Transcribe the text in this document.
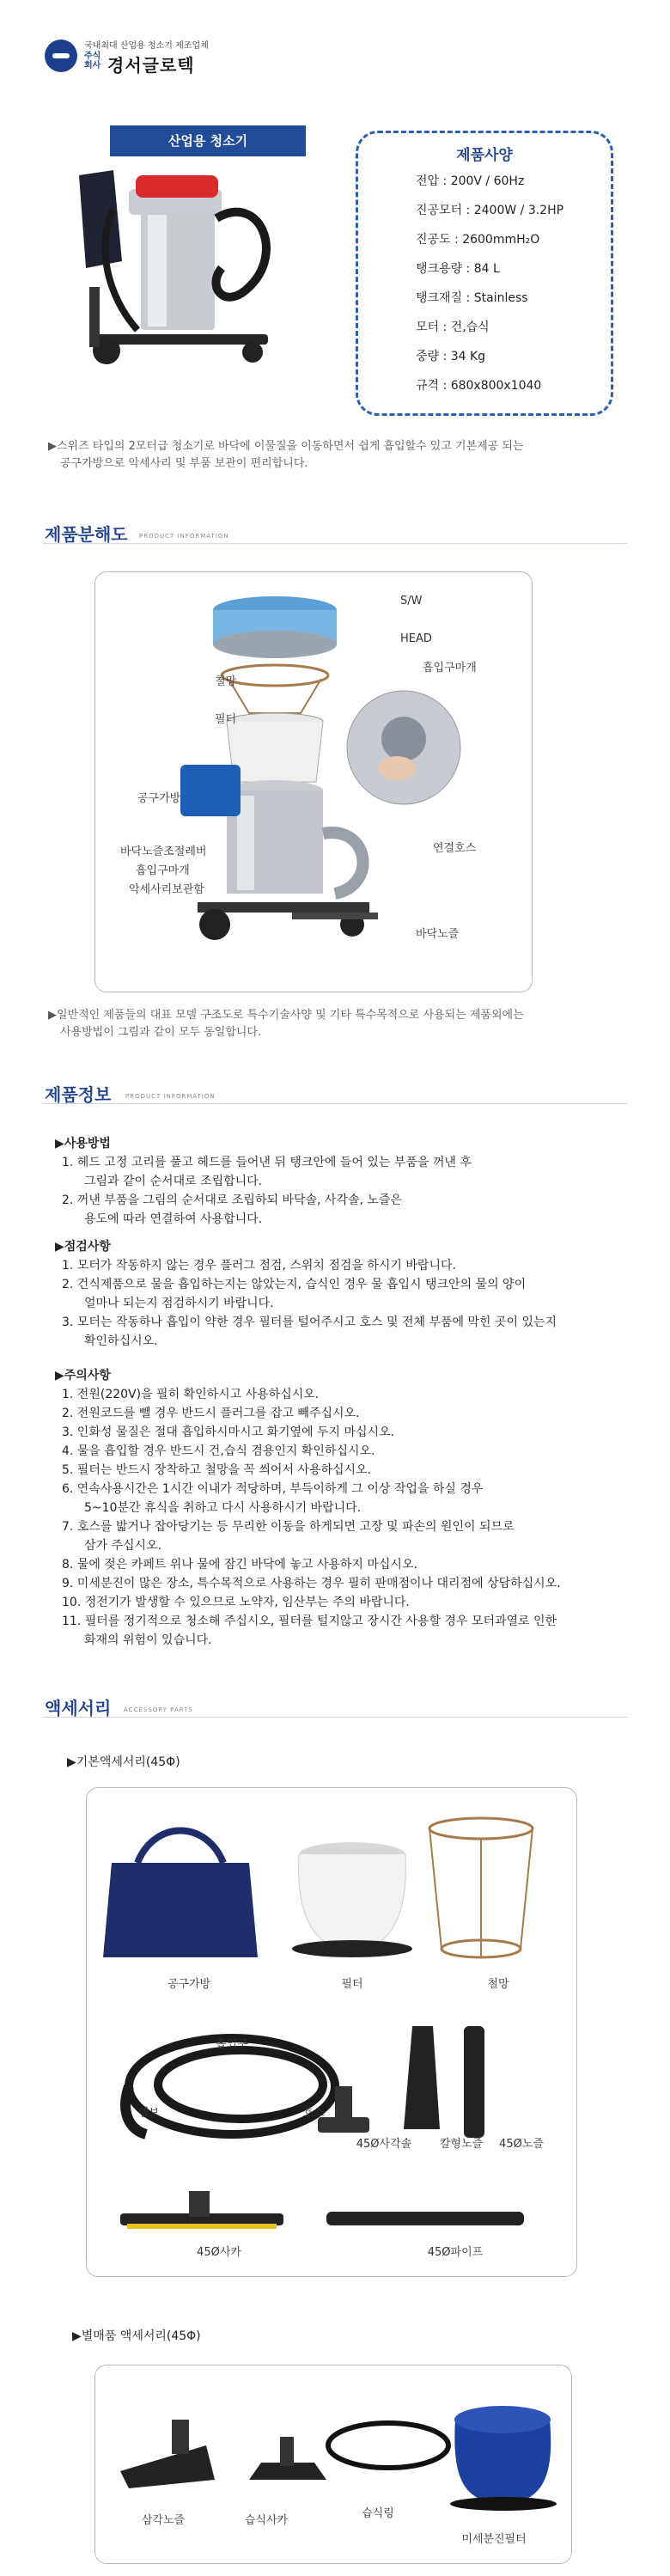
국내최대 산업용 청소기 제조업체
주식회사 경서글로텍
산업용 청소기
제품사양
전압 : 200V / 60Hz
진공모터 : 2400W / 3.2HP
진공도 : 2600mmH₂O
탱크용량 : 84 L
탱크재질 : Stainless
모터 : 건,습식
중량 : 34 Kg
규격 : 680x800x1040
▶스위즈 타입의 2모터급 청소기로 바닥에 이물질을 이동하면서 쉽게 흡입할수 있고 기본제공 되는
공구가방으로 악세사리 및 부품 보관이 편리합니다.
제품분해도 PRODUCT INFORMATION
S/W
HEAD
흡입구마개
철망
필터
공구가방
바닥노즐조절레버
흡입구마개
악세사리보관함
연결호스
바닥노즐
▶일반적인 제품들의 대표 모델 구조도로 특수기술사양 및 기타 특수목적으로 사용되는 제품외에는
사용방법이 그림과 같이 모두 동일합니다.
제품정보 PRODUCT INFORMATION
▶사용방법
1. 헤드 고정 고리를 풀고 헤드를 들어낸 뒤 탱크안에 들어 있는 부품을 꺼낸 후
그림과 같이 순서대로 조립합니다.
2. 꺼낸 부품을 그림의 순서대로 조립하되 바닥솔, 사각솔, 노즐은
용도에 따라 연결하여 사용합니다.
▶점검사항
1. 모터가 작동하지 않는 경우 플러그 점검, 스위치 점검을 하시기 바랍니다.
2. 건식제품으로 물을 흡입하는지는 않았는지, 습식인 경우 물 흡입시 탱크안의 물의 양이
얼마나 되는지 점검하시기 바랍니다.
3. 모터는 작동하나 흡입이 약한 경우 필터를 털어주시고 호스 및 전체 부품에 막힌 곳이 있는지
확인하십시오.
▶주의사항
1. 전원(220V)을 필히 확인하시고 사용하십시오.
2. 전원코드를 뺄 경우 반드시 플러그를 잡고 빼주십시오.
3. 인화성 물질은 절대 흡입하시마시고 화기옆에 두지 마십시오.
4. 물을 흡입할 경우 반드시 건,습식 겸용인지 확인하십시오.
5. 필터는 반드시 장착하고 철망을 꼭 씌어서 사용하십시오.
6. 연속사용시간은 1시간 이내가 적당하며, 부득이하게 그 이상 작업을 하실 경우
5~10분간 휴식을 취하고 다시 사용하시기 바랍니다.
7. 호스를 밟거나 잡아당기는 등 무리한 이동을 하게되면 고장 및 파손의 원인이 되므로
삼가 주십시오.
8. 물에 젖은 카페트 위나 물에 잠긴 바닥에 놓고 사용하지 마십시오.
9. 미세분진이 많은 장소, 특수목적으로 사용하는 경우 필히 판매점이나 대리점에 상담하십시오.
10. 정전기가 발생할 수 있으므로 노약자, 임산부는 주의 바랍니다.
11. 필터를 정기적으로 청소해 주십시오, 필터를 털지않고 장시간 사용할 경우 모터과열로 인한
화재의 위험이 있습니다.
액세서리 ACCESSORY PARTS
▶기본액세서리(45Φ)
공구가방	필터	철망
흡입구
엘보	호스
45Ø사각솔	칼형노즐	45Ø노즐
45Ø사카	45Ø파이프
▶별매품 액세서리(45Φ)
삼각노즐	습식사카
습식링
미세분진필터
